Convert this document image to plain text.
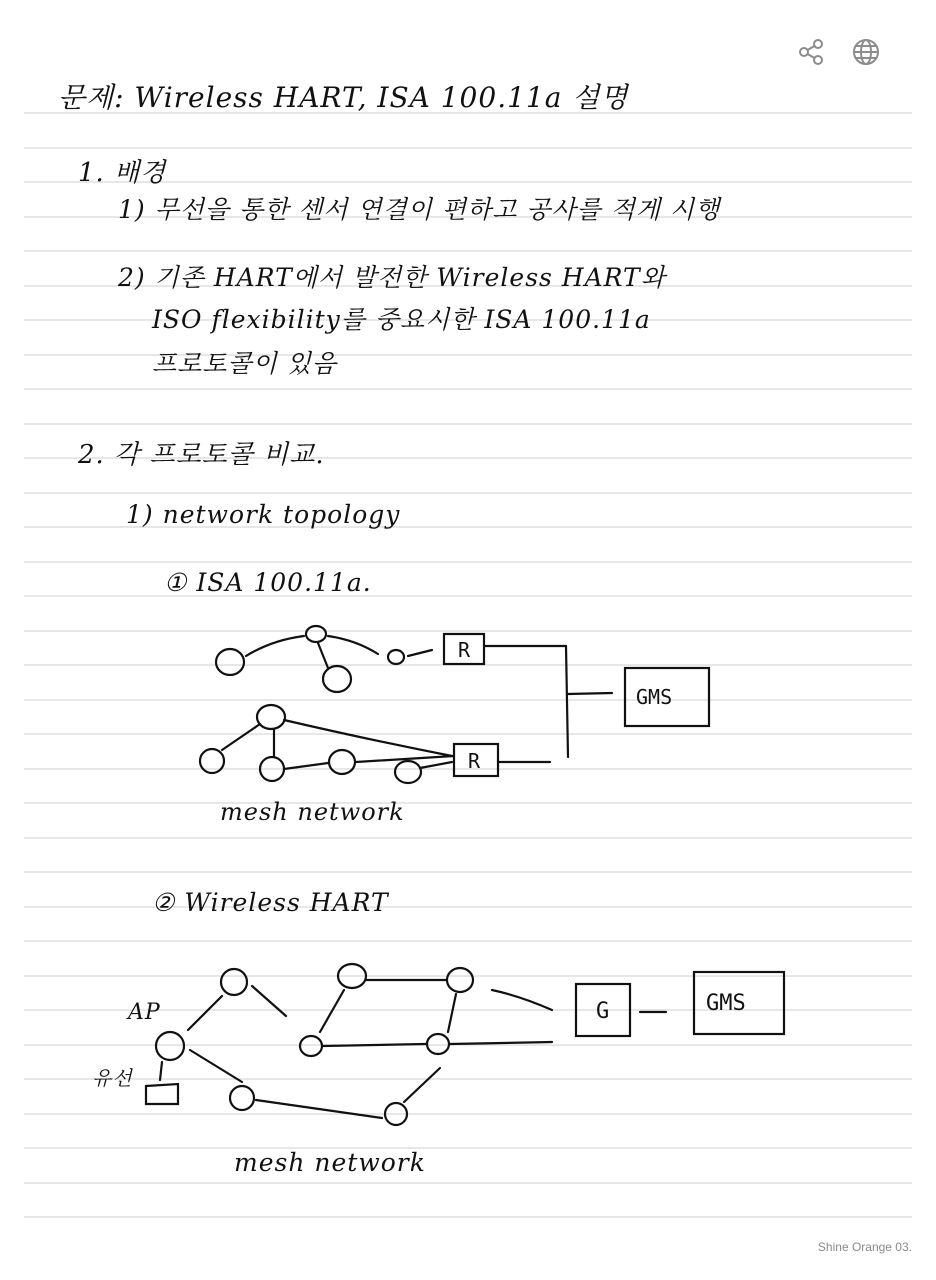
문제: Wireless HART, ISA 100.11a 설명
1. 배경
1) 무선을 통한 센서 연결이 편하고 공사를 적게 시행
2) 기존 HART에서 발전한 Wireless HART와
ISO flexibility를 중요시한 ISA 100.11a
프로토콜이 있음
2. 각 프로토콜 비교.
1) network topology
① ISA 100.11a.
R
R
GMS
mesh network
② Wireless HART
G	GMS
AP
유선
mesh network
Shine Orange 03.
